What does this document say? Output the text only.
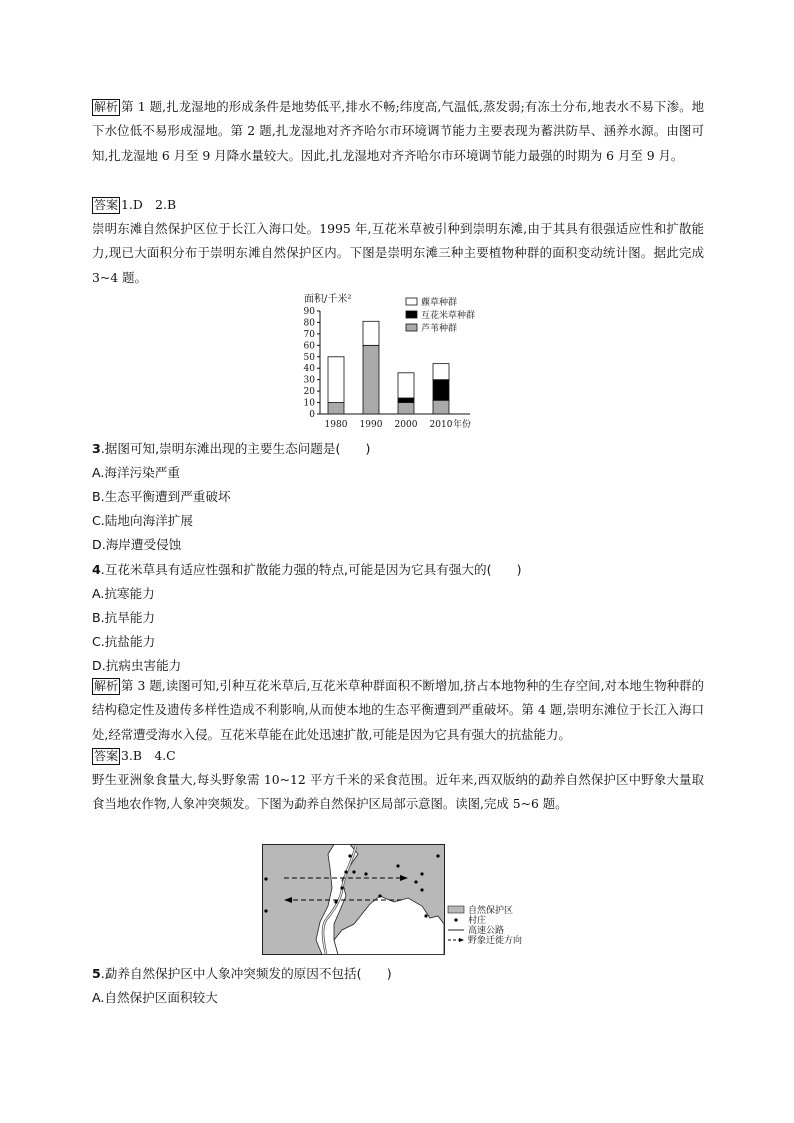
解析 第 1 题,扎龙湿地的形成条件是地势低平,排水不畅;纬度高,气温低,蒸发弱;有冻土分布,地表水不易下渗。地下水位低不易形成湿地。第 2 题,扎龙湿地对齐齐哈尔市环境调节能力主要表现为蓄洪防旱、涵养水源。由图可知,扎龙湿地 6 月至 9 月降水量较大。因此,扎龙湿地对齐齐哈尔市环境调节能力最强的时期为 6 月至 9 月。

答案 1.D　2.B

崇明东滩自然保护区位于长江入海口处。1995 年,互花米草被引种到崇明东滩,由于其具有很强适应性和扩散能力,现已大面积分布于崇明东滩自然保护区内。下图是崇明东滩三种主要植物种群的面积变动统计图。据此完成 3~4 题。

面积/千米²
0
10
20
30
40
50
60
70
80
90
1980 1990 2000 2010 年份
藨草种群
互花米草种群
芦苇种群
3.据图可知,崇明东滩出现的主要生态问题是(　　)
A.海洋污染严重
B.生态平衡遭到严重破坏
C.陆地向海洋扩展
D.海岸遭受侵蚀
4.互花米草具有适应性强和扩散能力强的特点,可能是因为它具有强大的(　　)
A.抗寒能力
B.抗旱能力
C.抗盐能力
D.抗病虫害能力

解析 第 3 题,读图可知,引种互花米草后,互花米草种群面积不断增加,挤占本地物种的生存空间,对本地生物种群的结构稳定性及遗传多样性造成不利影响,从而使本地的生态平衡遭到严重破坏。第 4 题,崇明东滩位于长江入海口处,经常遭受海水入侵。互花米草能在此处迅速扩散,可能是因为它具有强大的抗盐能力。

答案 3.B　4.C

野生亚洲象食量大,每头野象需 10~12 平方千米的采食范围。近年来,西双版纳的勐养自然保护区中野象大量取食当地农作物,人象冲突频发。下图为勐养自然保护区局部示意图。读图,完成 5~6 题。

自然保护区
村庄
高速公路
野象迁徙方向
5.勐养自然保护区中人象冲突频发的原因不包括(　　)
A.自然保护区面积较大
